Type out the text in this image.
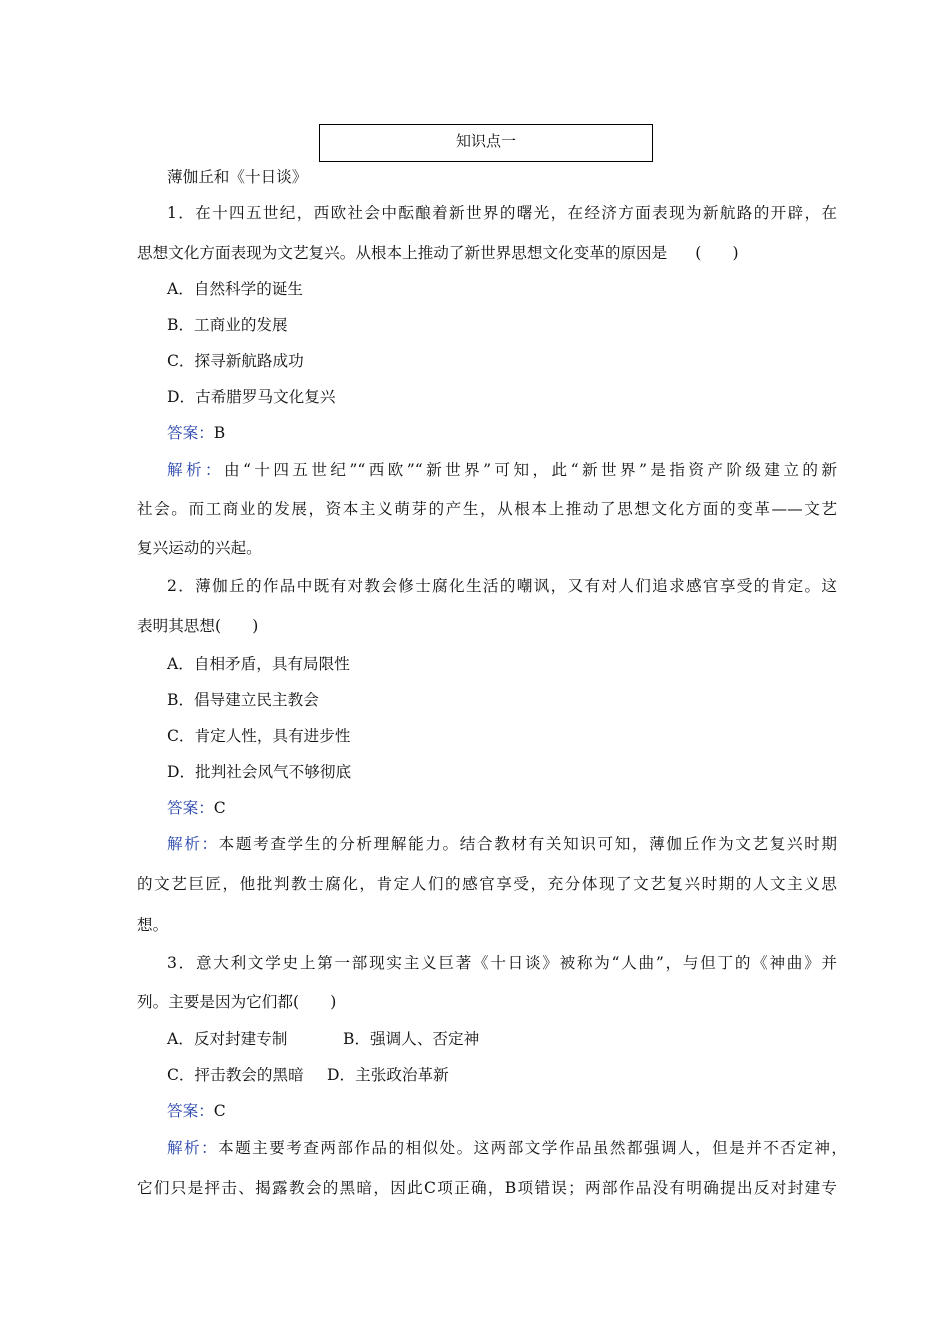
知识点一
薄伽丘和《十日谈》
1．在十四五世纪，西欧社会中酝酿着新世界的曙光，在经济方面表现为新航路的开辟，在
思想文化方面表现为文艺复兴。从根本上推动了新世界思想文化变革的原因是 (　　)
A．自然科学的诞生
B．工商业的发展
C．探寻新航路成功
D．古希腊罗马文化复兴
答案：B
解析：由“十四五世纪”“西欧”“新世界”可知，此“新世界”是指资产阶级建立的新
社会。而工商业的发展，资本主义萌芽的产生，从根本上推动了思想文化方面的变革——文艺
复兴运动的兴起。
2．薄伽丘的作品中既有对教会修士腐化生活的嘲讽，又有对人们追求感官享受的肯定。这
表明其思想(　　)
A．自相矛盾，具有局限性
B．倡导建立民主教会
C．肯定人性，具有进步性
D．批判社会风气不够彻底
答案：C
解析：本题考查学生的分析理解能力。结合教材有关知识可知，薄伽丘作为文艺复兴时期
的文艺巨匠，他批判教士腐化，肯定人们的感官享受，充分体现了文艺复兴时期的人文主义思
想。
3．意大利文学史上第一部现实主义巨著《十日谈》被称为“人曲”，与但丁的《神曲》并
列。主要是因为它们都(　　)
A．反对封建专制	B．强调人、否定神
C．抨击教会的黑暗 D．主张政治革新
答案：C
解析：本题主要考查两部作品的相似处。这两部文学作品虽然都强调人，但是并不否定神，
它们只是抨击、揭露教会的黑暗，因此C项正确，B项错误；两部作品没有明确提出反对封建专
